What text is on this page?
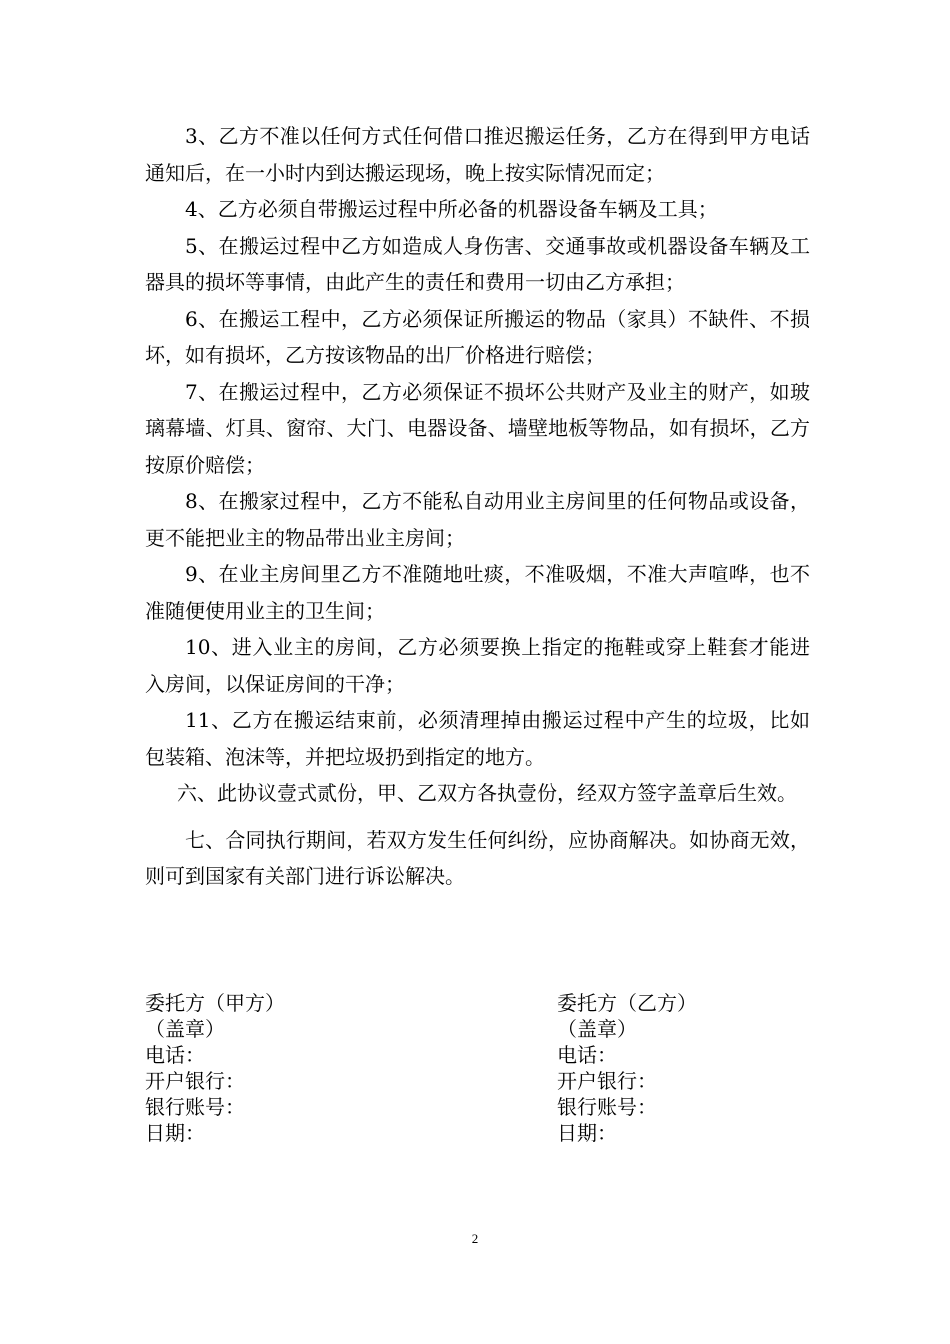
3、乙方不准以任何方式任何借口推迟搬运任务，乙方在得到甲方电话通知后，在一小时内到达搬运现场，晚上按实际情况而定；

4、乙方必须自带搬运过程中所必备的机器设备车辆及工具；

5、在搬运过程中乙方如造成人身伤害、交通事故或机器设备车辆及工器具的损坏等事情，由此产生的责任和费用一切由乙方承担；

6、在搬运工程中，乙方必须保证所搬运的物品（家具）不缺件、不损坏，如有损坏，乙方按该物品的出厂价格进行赔偿；

7、在搬运过程中，乙方必须保证不损坏公共财产及业主的财产，如玻璃幕墙、灯具、窗帘、大门、电器设备、墙壁地板等物品，如有损坏，乙方按原价赔偿；

8、在搬家过程中，乙方不能私自动用业主房间里的任何物品或设备，更不能把业主的物品带出业主房间；

9、在业主房间里乙方不准随地吐痰，不准吸烟，不准大声喧哗，也不准随便使用业主的卫生间；

10、进入业主的房间，乙方必须要换上指定的拖鞋或穿上鞋套才能进入房间，以保证房间的干净；

11、乙方在搬运结束前，必须清理掉由搬运过程中产生的垃圾，比如包装箱、泡沫等，并把垃圾扔到指定的地方。

六、此协议壹式贰份，甲、乙双方各执壹份，经双方签字盖章后生效。

七、合同执行期间，若双方发生任何纠纷，应协商解决。如协商无效，则可到国家有关部门进行诉讼解决。

委托方（甲方）
（盖章）
电话：
开户银行：
银行账号：
日期：
委托方（乙方）
（盖章）
电话：
开户银行：
银行账号：
日期：
2
